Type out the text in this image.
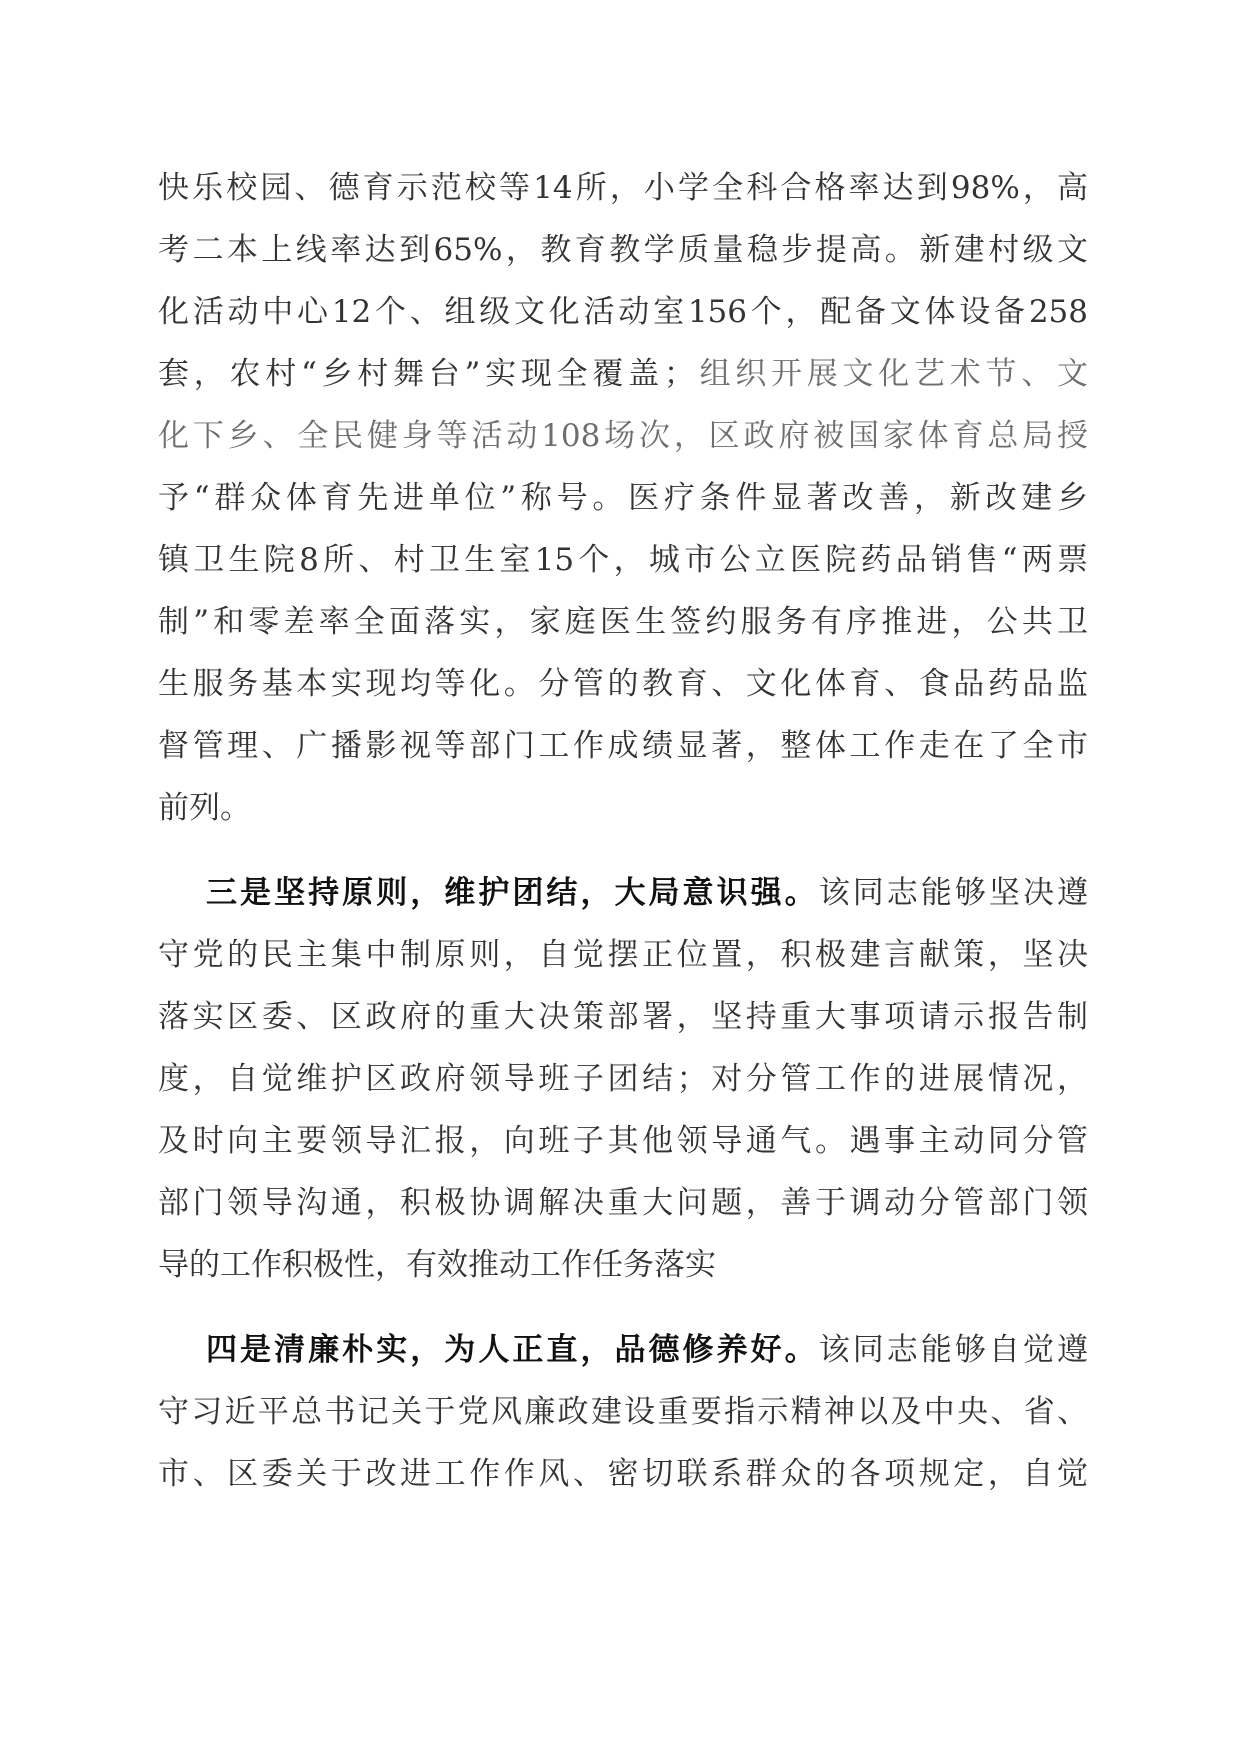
快乐校园、德育示范校等14所，小学全科合格率达到98%，高
考二本上线率达到65%，教育教学质量稳步提高。新建村级文
化活动中心12个、组级文化活动室156个，配备文体设备258
套，农村“乡村舞台”实现全覆盖；组织开展文化艺术节、文
化下乡、全民健身等活动108场次，区政府被国家体育总局授
予“群众体育先进单位”称号。医疗条件显著改善，新改建乡
镇卫生院8所、村卫生室15个，城市公立医院药品销售“两票
制”和零差率全面落实，家庭医生签约服务有序推进，公共卫
生服务基本实现均等化。分管的教育、文化体育、食品药品监
督管理、广播影视等部门工作成绩显著，整体工作走在了全市
前列。
三是坚持原则，维护团结，大局意识强。该同志能够坚决遵
守党的民主集中制原则，自觉摆正位置，积极建言献策，坚决
落实区委、区政府的重大决策部署，坚持重大事项请示报告制
度，自觉维护区政府领导班子团结；对分管工作的进展情况，
及时向主要领导汇报，向班子其他领导通气。遇事主动同分管
部门领导沟通，积极协调解决重大问题，善于调动分管部门领
导的工作积极性，有效推动工作任务落实
四是清廉朴实，为人正直，品德修养好。该同志能够自觉遵
守习近平总书记关于党风廉政建设重要指示精神以及中央、省、
市、区委关于改进工作作风、密切联系群众的各项规定，自觉
